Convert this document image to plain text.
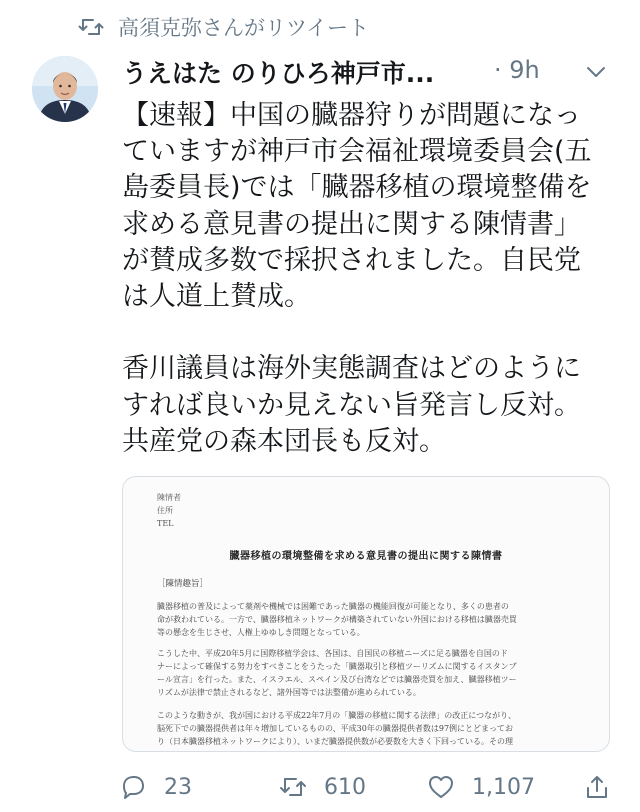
高須克弥さんがリツイート
うえはた のりひろ神戸市... · 9h
【速報】中国の臓器狩りが問題になっ
ていますが神戸市会福祉環境委員会(五
島委員長)では「臓器移植の環境整備を
求める意見書の提出に関する陳情書」
が賛成多数で採択されました。自民党
は人道上賛成。
香川議員は海外実態調査はどのように
すれば良いか見えない旨発言し反対。
共産党の森本団長も反対。
陳情者
住所
TEL
臓器移植の環境整備を求める意見書の提出に関する陳情書
［陳情趣旨］
臓器移植の普及によって薬剤や機械では困難であった臓器の機能回復が可能となり、多くの患者の
命が救われている。一方で、臓器移植ネットワークが構築されていない外国における移植は臓器売買
等の懸念を生じさせ、人権上ゆゆしき問題となっている。
こうした中、平成20年5月に国際移植学会は、各国は、自国民の移植ニーズに足る臓器を自国のド
ナーによって確保する努力をすべきことをうたった「臓器取引と移植ツーリズムに関するイスタンブ
ール宣言」を行った。また、イスラエル、スペイン及び台湾などでは臓器売買を加え、臓器移植ツー
リズムが法律で禁止されるなど、諸外国等では法整備が進められている。
このような動きが、我が国における平成22年7月の「臓器の移植に関する法律」の改正につながり、
脳死下での臓器提供者は年々増加しているものの、平成30年の臓器提供者数は97例にとどまってお
り（日本臓器移植ネットワークにより）、いまだ臓器提供数が必要数を大きく下回っている。その理
23	610	1,107
